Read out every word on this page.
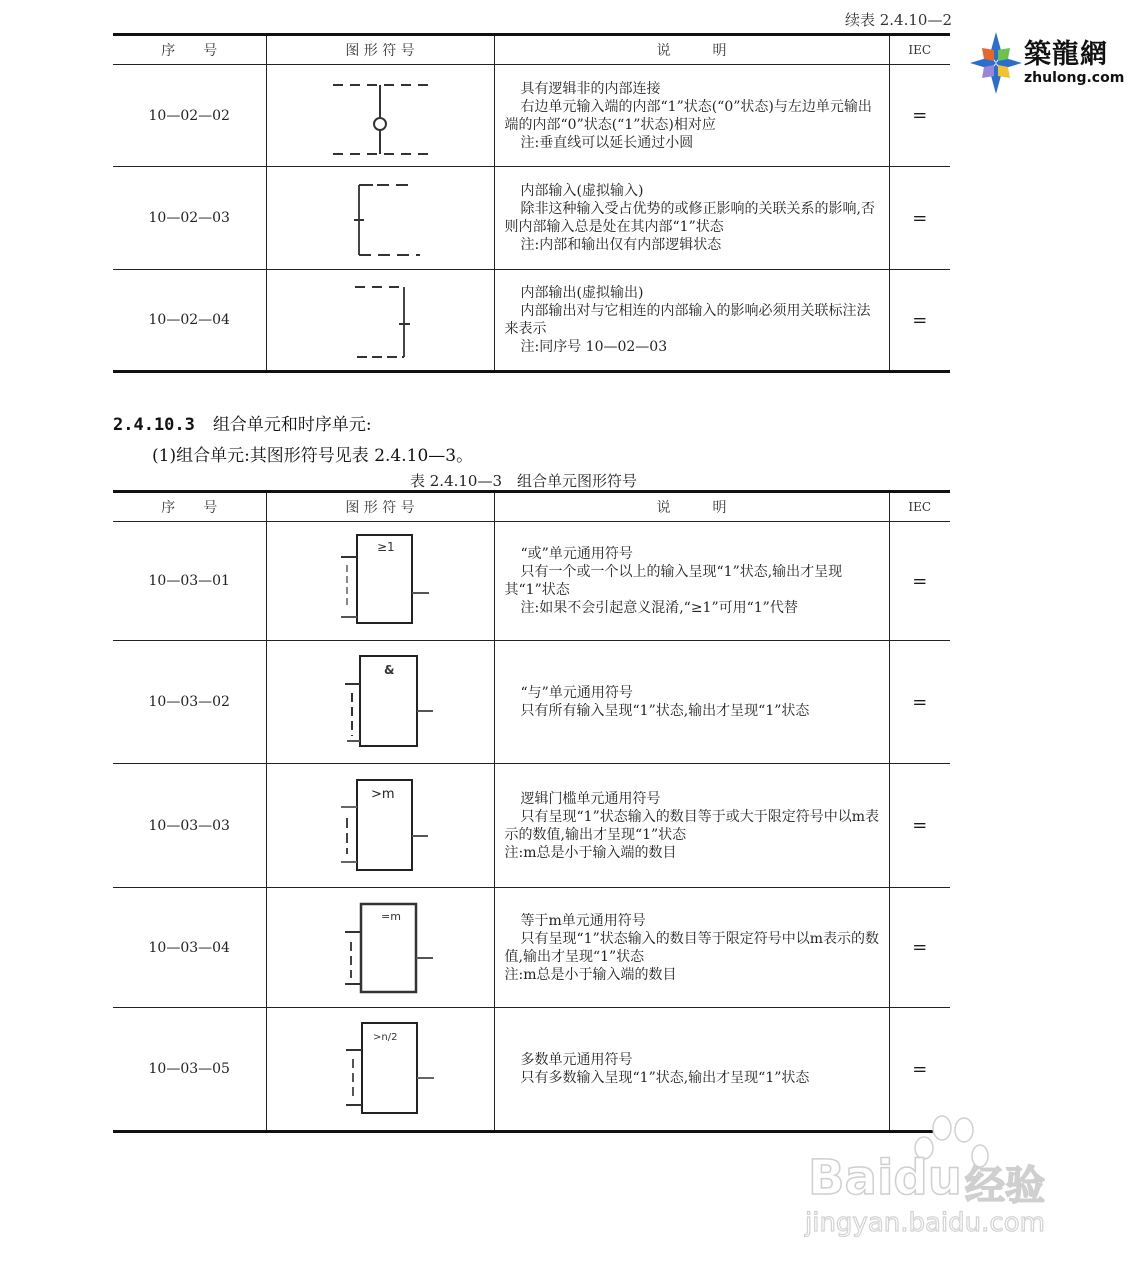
续表 2.4.10—2
築龍網
zhulong.com
序　　号	图 形 符 号	说　　　明	IEC
10—02—02		具有逻辑非的内部连接

右边单元输入端的内部“1”状态(“0”状态)与左边单元输出端的内部“0”状态(“1”状态)相对应

注:垂直线可以延长通过小圆	=
10—02—03		内部输入(虚拟输入)

除非这种输入受占优势的或修正影响的关联关系的影响,否则内部输入总是处在其内部“1”状态

注:内部和输出仅有内部逻辑状态	=
10—02—04		内部输出(虚拟输出)

内部输出对与它相连的内部输入的影响必须用关联标注法来表示

注:同序号 10—02—03	=
2.4.10.3 组合单元和时序单元:
(1)组合单元:其图形符号见表 2.4.10—3。
表 2.4.10—3　组合单元图形符号
序　　号	图 形 符 号	说　　　明	IEC
10—03—01	≥1	“或”单元通用符号

只有一个或一个以上的输入呈现“1”状态,输出才呈现其“1”状态

注:如果不会引起意义混淆,“≥1”可用“1”代替	=
10—03—02	&	“与”单元通用符号

只有所有输入呈现“1”状态,输出才呈现“1”状态	=
10—03—03	>m	逻辑门槛单元通用符号

只有呈现“1”状态输入的数目等于或大于限定符号中以m表示的数值,输出才呈现“1”状态

注:m总是小于输入端的数目	=
10—03—04	=m	等于m单元通用符号

只有呈现“1”状态输入的数目等于限定符号中以m表示的数值,输出才呈现“1”状态

注:m总是小于输入端的数目	=
10—03—05	>n/2	多数单元通用符号

只有多数输入呈现“1”状态,输出才呈现“1”状态	=
Baidu 经验
jingyan.baidu.com
